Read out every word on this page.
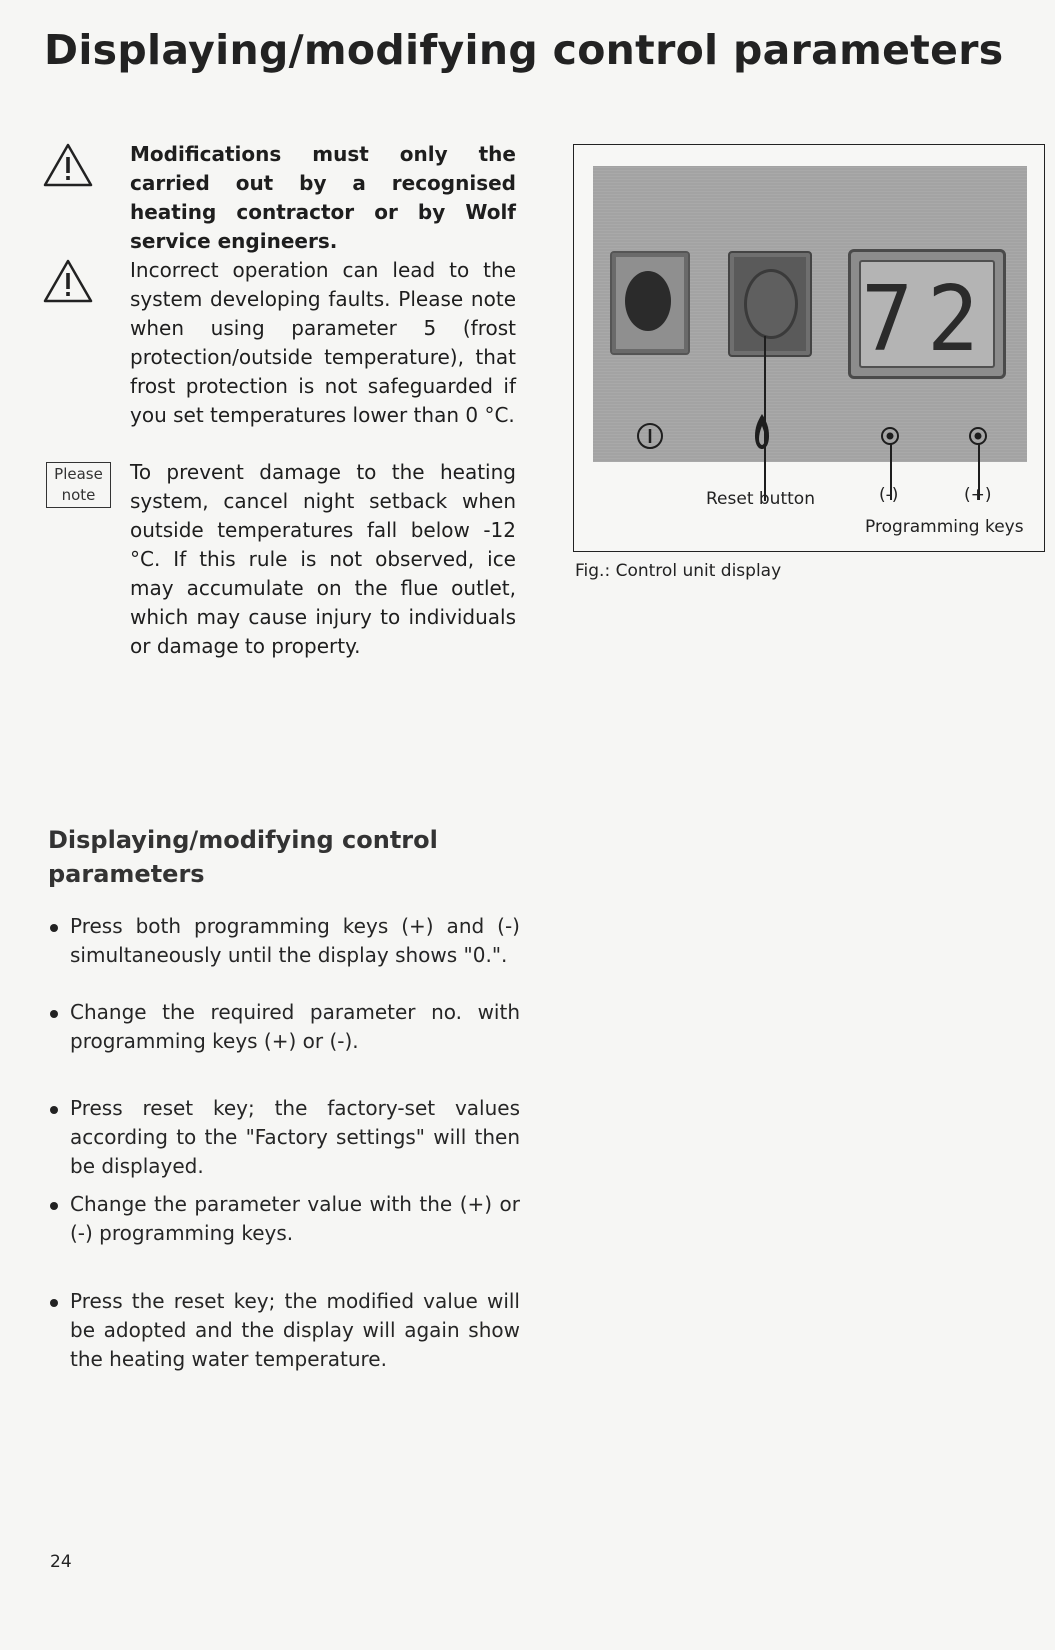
Displaying/modifying control parameters

Modifications must only the carried out by a recognised heating contractor or by Wolf service engineers.

Incorrect operation can lead to the system developing faults. Please note when using parameter 5 (frost protection/outside temperature), that frost protection is not safeguarded if you set temperatures lower than 0 °C.

Please
note

To prevent damage to the heating system, cancel night setback when outside temperatures fall below -12 °C. If this rule is not observed, ice may accumulate on the flue outlet, which may cause injury to individuals or damage to property.

72
Reset button	(-)	(+)
Programming keys
Fig.: Control unit display
Displaying/modifying control parameters
Press both programming keys (+) and (-) simultaneously until the display shows "0.".
Change the required parameter no. with programming keys (+) or (-).
Press reset key; the factory-set values according to the "Factory settings" will then be displayed.
Change the parameter value with the (+) or (-) programming keys.
Press the reset key; the modified value will be adopted and the display will again show the heating water temperature.
24
